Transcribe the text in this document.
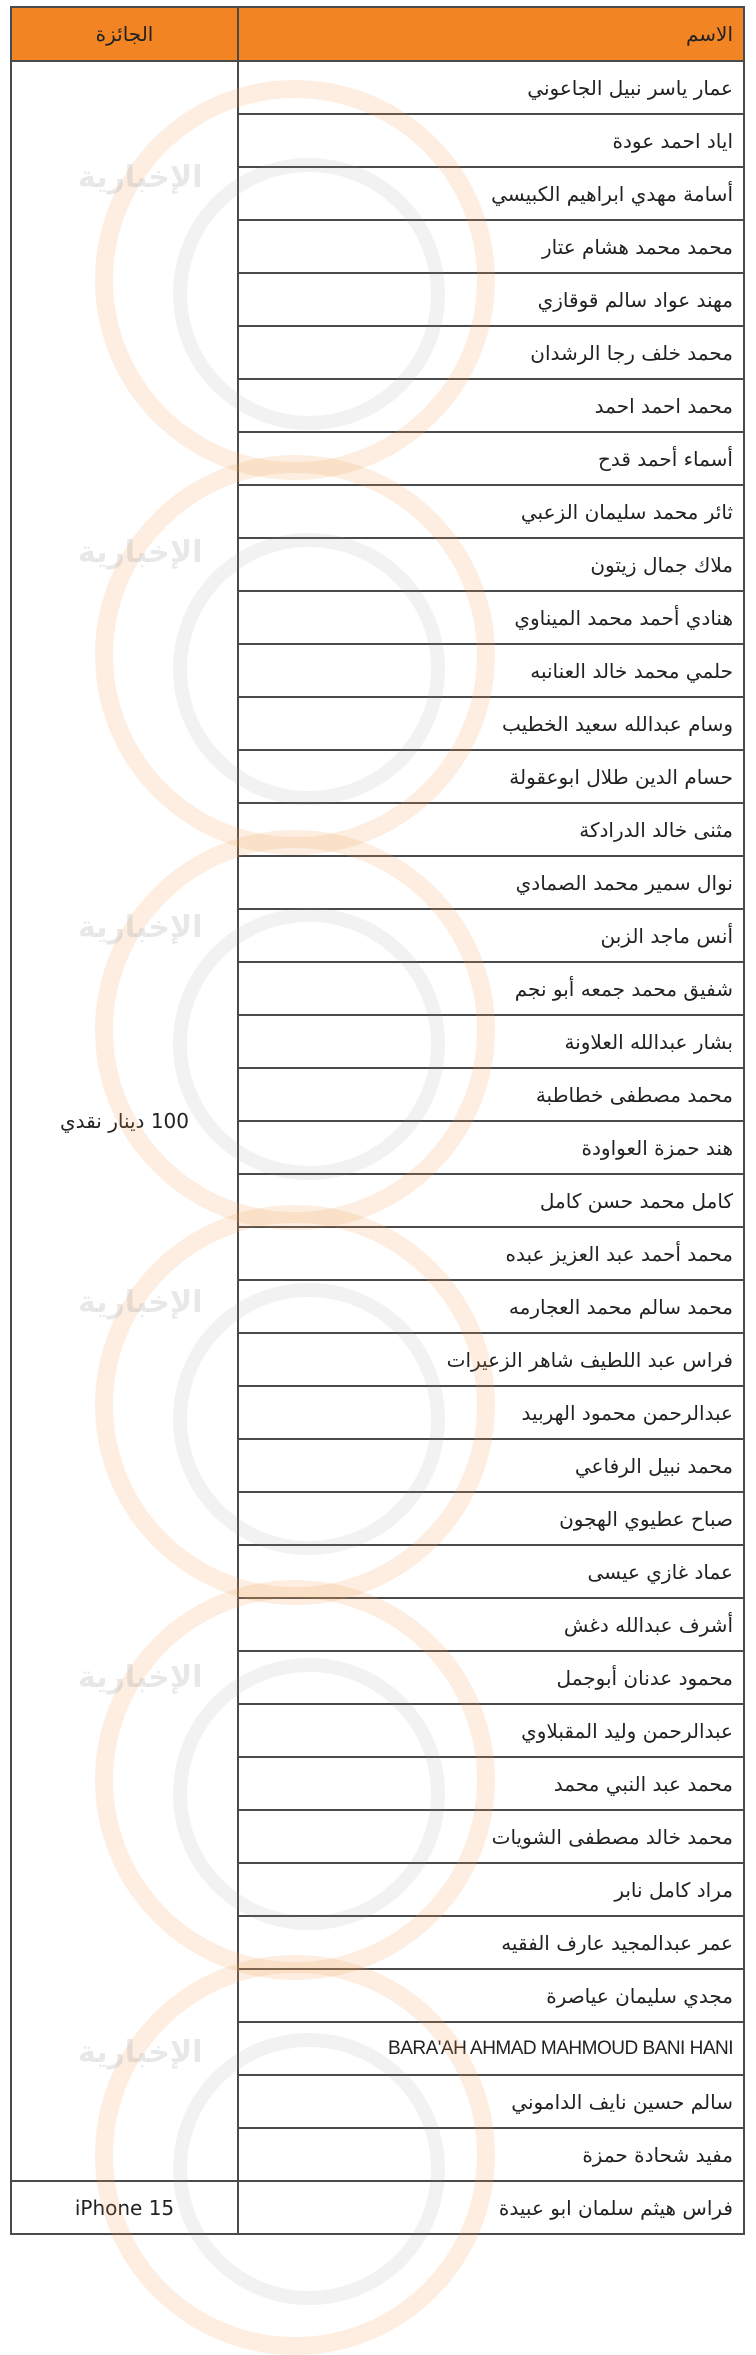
الإخبارية
الإخبارية
الإخبارية
الإخبارية
الإخبارية
الإخبارية
الاسم	الجائزة
عمار ياسر نبيل الجاعوني	100 دينار نقدي
اياد احمد عودة	
أسامة مهدي ابراهيم الكبيسي	
محمد محمد هشام عتار	
مهند عواد سالم قوقازي	
محمد خلف رجا الرشدان	
محمد احمد احمد	
أسماء أحمد قدح	
ثائر محمد سليمان الزعبي	
ملاك جمال زيتون	
هنادي أحمد محمد الميناوي	
حلمي محمد خالد العنانبه	
وسام عبدالله سعيد الخطيب	
حسام الدين طلال ابوعقولة	
مثنى خالد الدرادكة	
نوال سمير محمد الصمادي	
أنس ماجد الزبن	
شفيق محمد جمعه أبو نجم	
بشار عبدالله العلاونة	
محمد مصطفى خطاطبة	
هند حمزة العواودة	
كامل محمد حسن كامل	
محمد أحمد عبد العزيز عبده	
محمد سالم محمد العجارمه	
فراس عبد اللطيف شاهر الزعيرات	
عبدالرحمن محمود الهربيد	
محمد نبيل الرفاعي	
صباح عطيوي الهجون	
عماد غازي عيسى	
أشرف عبدالله دغش	
محمود عدنان أبوجمل	
عبدالرحمن وليد المقبلاوي	
محمد عبد النبي محمد	
محمد خالد مصطفى الشويات	
مراد كامل نابر	
عمر عبدالمجيد عارف الفقيه	
مجدي سليمان عياصرة	
BARA'AH AHMAD MAHMOUD BANI HANI	
سالم حسين نايف الداموني	
مفيد شحادة حمزة	
فراس هيثم سلمان ابو عبيدة	iPhone 15
